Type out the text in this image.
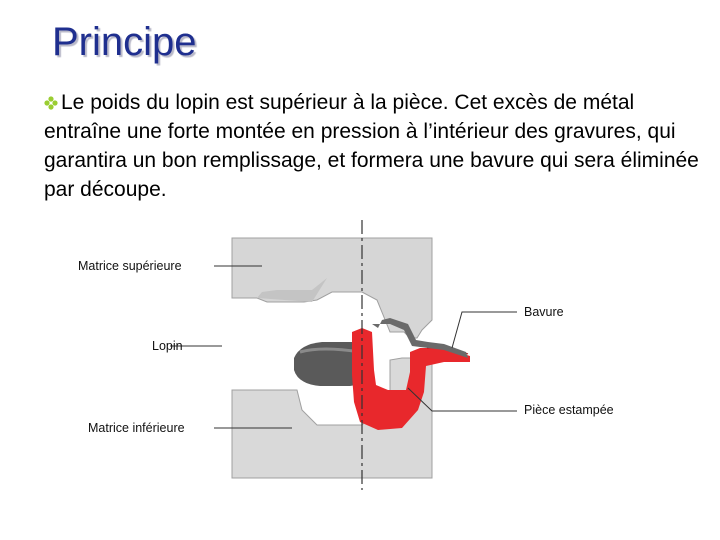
Principe
Le poids du lopin est supérieur à la pièce. Cet excès de métal entraîne une forte montée en pression à l’intérieur des gravures, qui garantira un bon remplissage, et formera une bavure qui sera éliminée par découpe.
Matrice supérieure
Lopin
Matrice inférieure
Bavure
Pièce estampée
